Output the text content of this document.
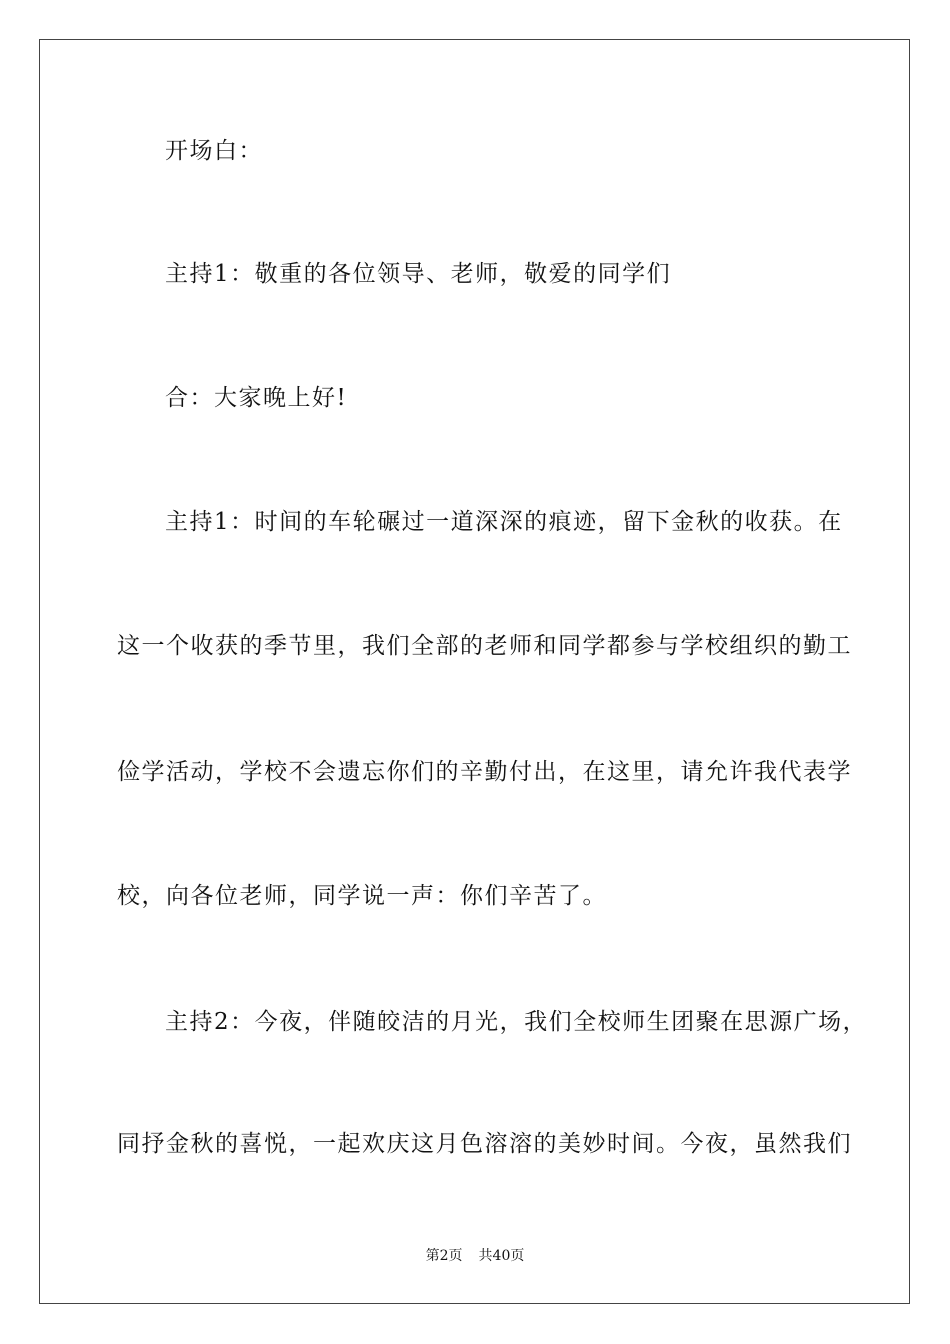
开场白：
主持1：敬重的各位领导、老师，敬爱的同学们
合：大家晚上好!
主持1：时间的车轮碾过一道深深的痕迹，留下金秋的收获。在
这一个收获的季节里，我们全部的老师和同学都参与学校组织的勤工
俭学活动，学校不会遗忘你们的辛勤付出，在这里，请允许我代表学
校，向各位老师，同学说一声：你们辛苦了。
主持2：今夜，伴随皎洁的月光，我们全校师生团聚在思源广场，
同抒金秋的喜悦，一起欢庆这月色溶溶的美妙时间。今夜，虽然我们
第2页 共40页
